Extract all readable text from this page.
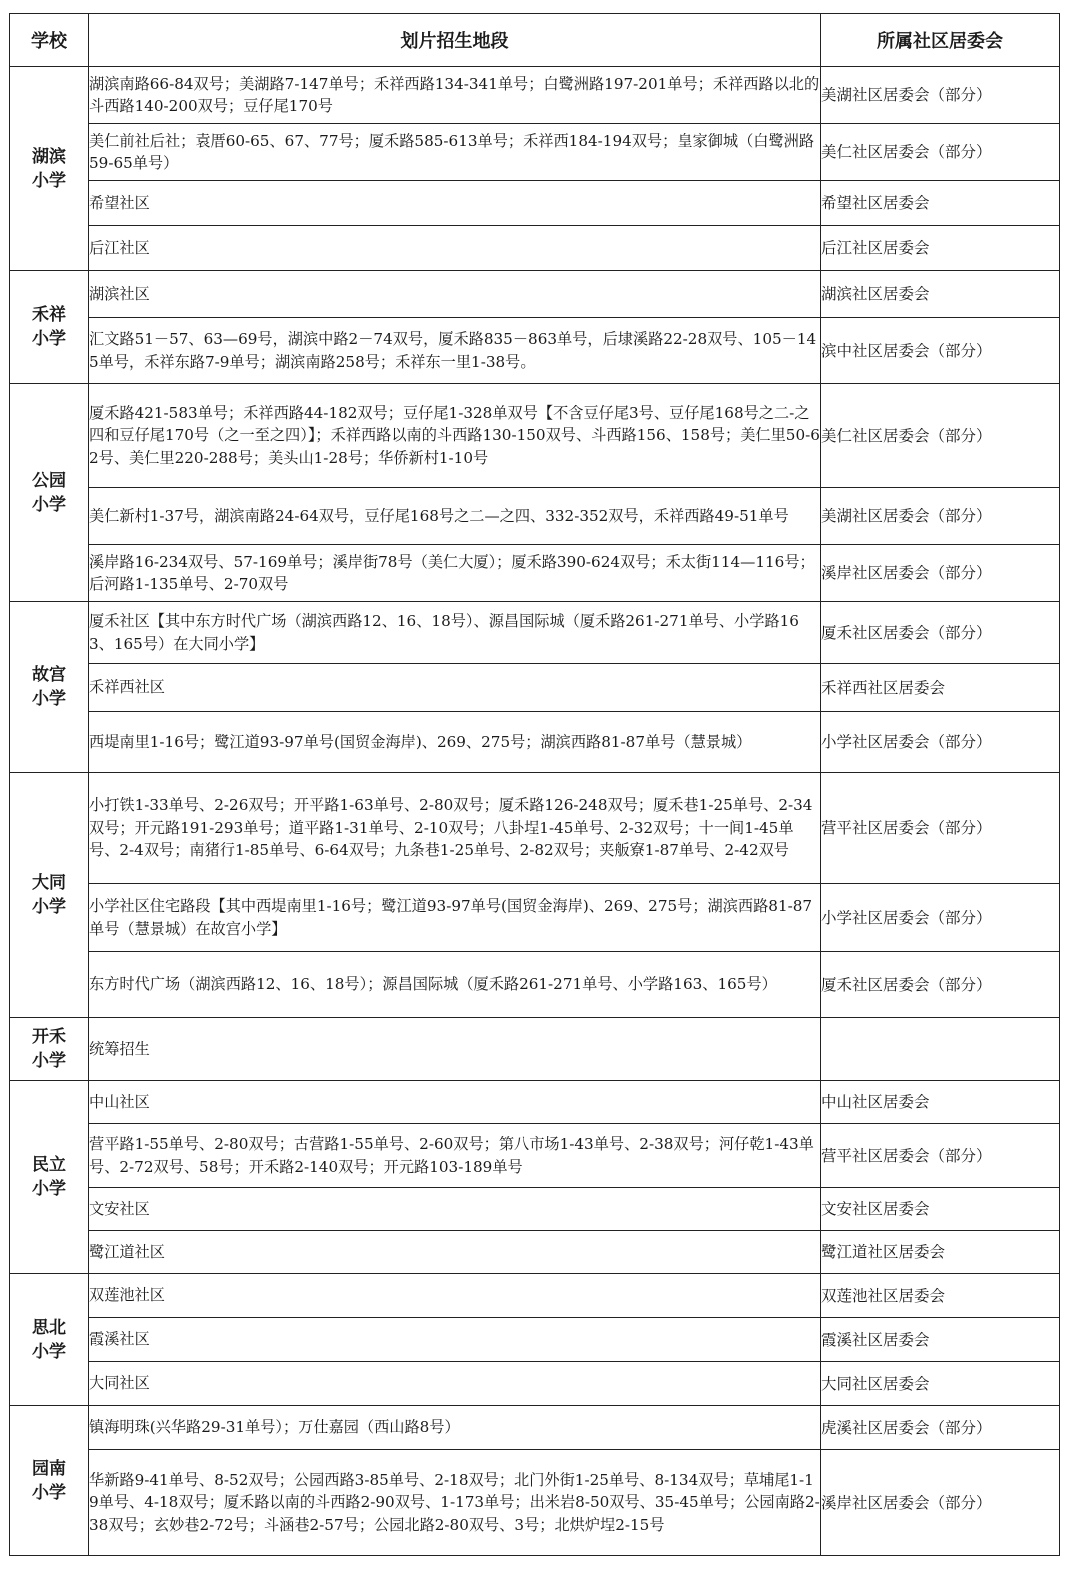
学校	划片招生地段	所属社区居委会
湖滨小学	湖滨南路66-84双号；美湖路7-147单号；禾祥西路134-341单号；白鹭洲路197-201单号；禾祥西路以北的斗西路140-200双号；豆仔尾170号	美湖社区居委会（部分）
	美仁前社后社；袁厝60-65、67、77号；厦禾路585-613单号；禾祥西184-194双号；皇家御城（白鹭洲路59-65单号）	美仁社区居委会（部分）
	希望社区	希望社区居委会
	后江社区	后江社区居委会
禾祥小学	湖滨社区	湖滨社区居委会
	汇文路51－57、63—69号，湖滨中路2－74双号，厦禾路835－863单号，后埭溪路22-28双号、105－145单号，禾祥东路7-9单号；湖滨南路258号；禾祥东一里1-38号。	滨中社区居委会（部分）
公园小学	厦禾路421-583单号；禾祥西路44-182双号；豆仔尾1-328单双号【不含豆仔尾3号、豆仔尾168号之二-之四和豆仔尾170号（之一至之四）】；禾祥西路以南的斗西路130-150双号、斗西路156、158号；美仁里50-62号、美仁里220-288号；美头山1-28号；华侨新村1-10号	美仁社区居委会（部分）
	美仁新村1-37号，湖滨南路24-64双号，豆仔尾168号之二—之四、332-352双号，禾祥西路49-51单号	美湖社区居委会（部分）
	溪岸路16-234双号、57-169单号；溪岸街78号（美仁大厦）；厦禾路390-624双号；禾太街114—116号；后河路1-135单号、2-70双号	溪岸社区居委会（部分）
故宫小学	厦禾社区【其中东方时代广场（湖滨西路12、16、18号）、源昌国际城（厦禾路261-271单号、小学路163、165号）在大同小学】	厦禾社区居委会（部分）
	禾祥西社区	禾祥西社区居委会
	西堤南里1-16号；鹭江道93-97单号(国贸金海岸)、269、275号；湖滨西路81-87单号（慧景城）	小学社区居委会（部分）
大同小学	小打铁1-33单号、2-26双号；开平路1-63单号、2-80双号；厦禾路126-248双号；厦禾巷1-25单号、2-34双号；开元路191-293单号；道平路1-31单号、2-10双号；八卦埕1-45单号、2-32双号；十一间1-45单号、2-4双号；南猪行1-85单号、6-64双号；九条巷1-25单号、2-82双号；夹舨寮1-87单号、2-42双号	营平社区居委会（部分）
	小学社区住宅路段【其中西堤南里1-16号；鹭江道93-97单号(国贸金海岸)、269、275号；湖滨西路81-87单号（慧景城）在故宫小学】	小学社区居委会（部分）
	东方时代广场（湖滨西路12、16、18号）；源昌国际城（厦禾路261-271单号、小学路163、165号）	厦禾社区居委会（部分）
开禾小学	统筹招生	
民立小学	中山社区	中山社区居委会
	营平路1-55单号、2-80双号；古营路1-55单号、2-60双号；第八市场1-43单号、2-38双号；河仔乾1-43单号、2-72双号、58号；开禾路2-140双号；开元路103-189单号	营平社区居委会（部分）
	文安社区	文安社区居委会
	鹭江道社区	鹭江道社区居委会
思北小学	双莲池社区	双莲池社区居委会
	霞溪社区	霞溪社区居委会
	大同社区	大同社区居委会
园南小学	镇海明珠(兴华路29-31单号）；万仕嘉园（西山路8号）	虎溪社区居委会（部分）
	华新路9-41单号、8-52双号；公园西路3-85单号、2-18双号；北门外街1-25单号、8-134双号；草埔尾1-19单号、4-18双号；厦禾路以南的斗西路2-90双号、1-173单号；出米岩8-50双号、35-45单号；公园南路2-38双号；玄妙巷2-72号；斗涵巷2-57号；公园北路2-80双号、3号；北烘炉埕2-15号	溪岸社区居委会（部分）
